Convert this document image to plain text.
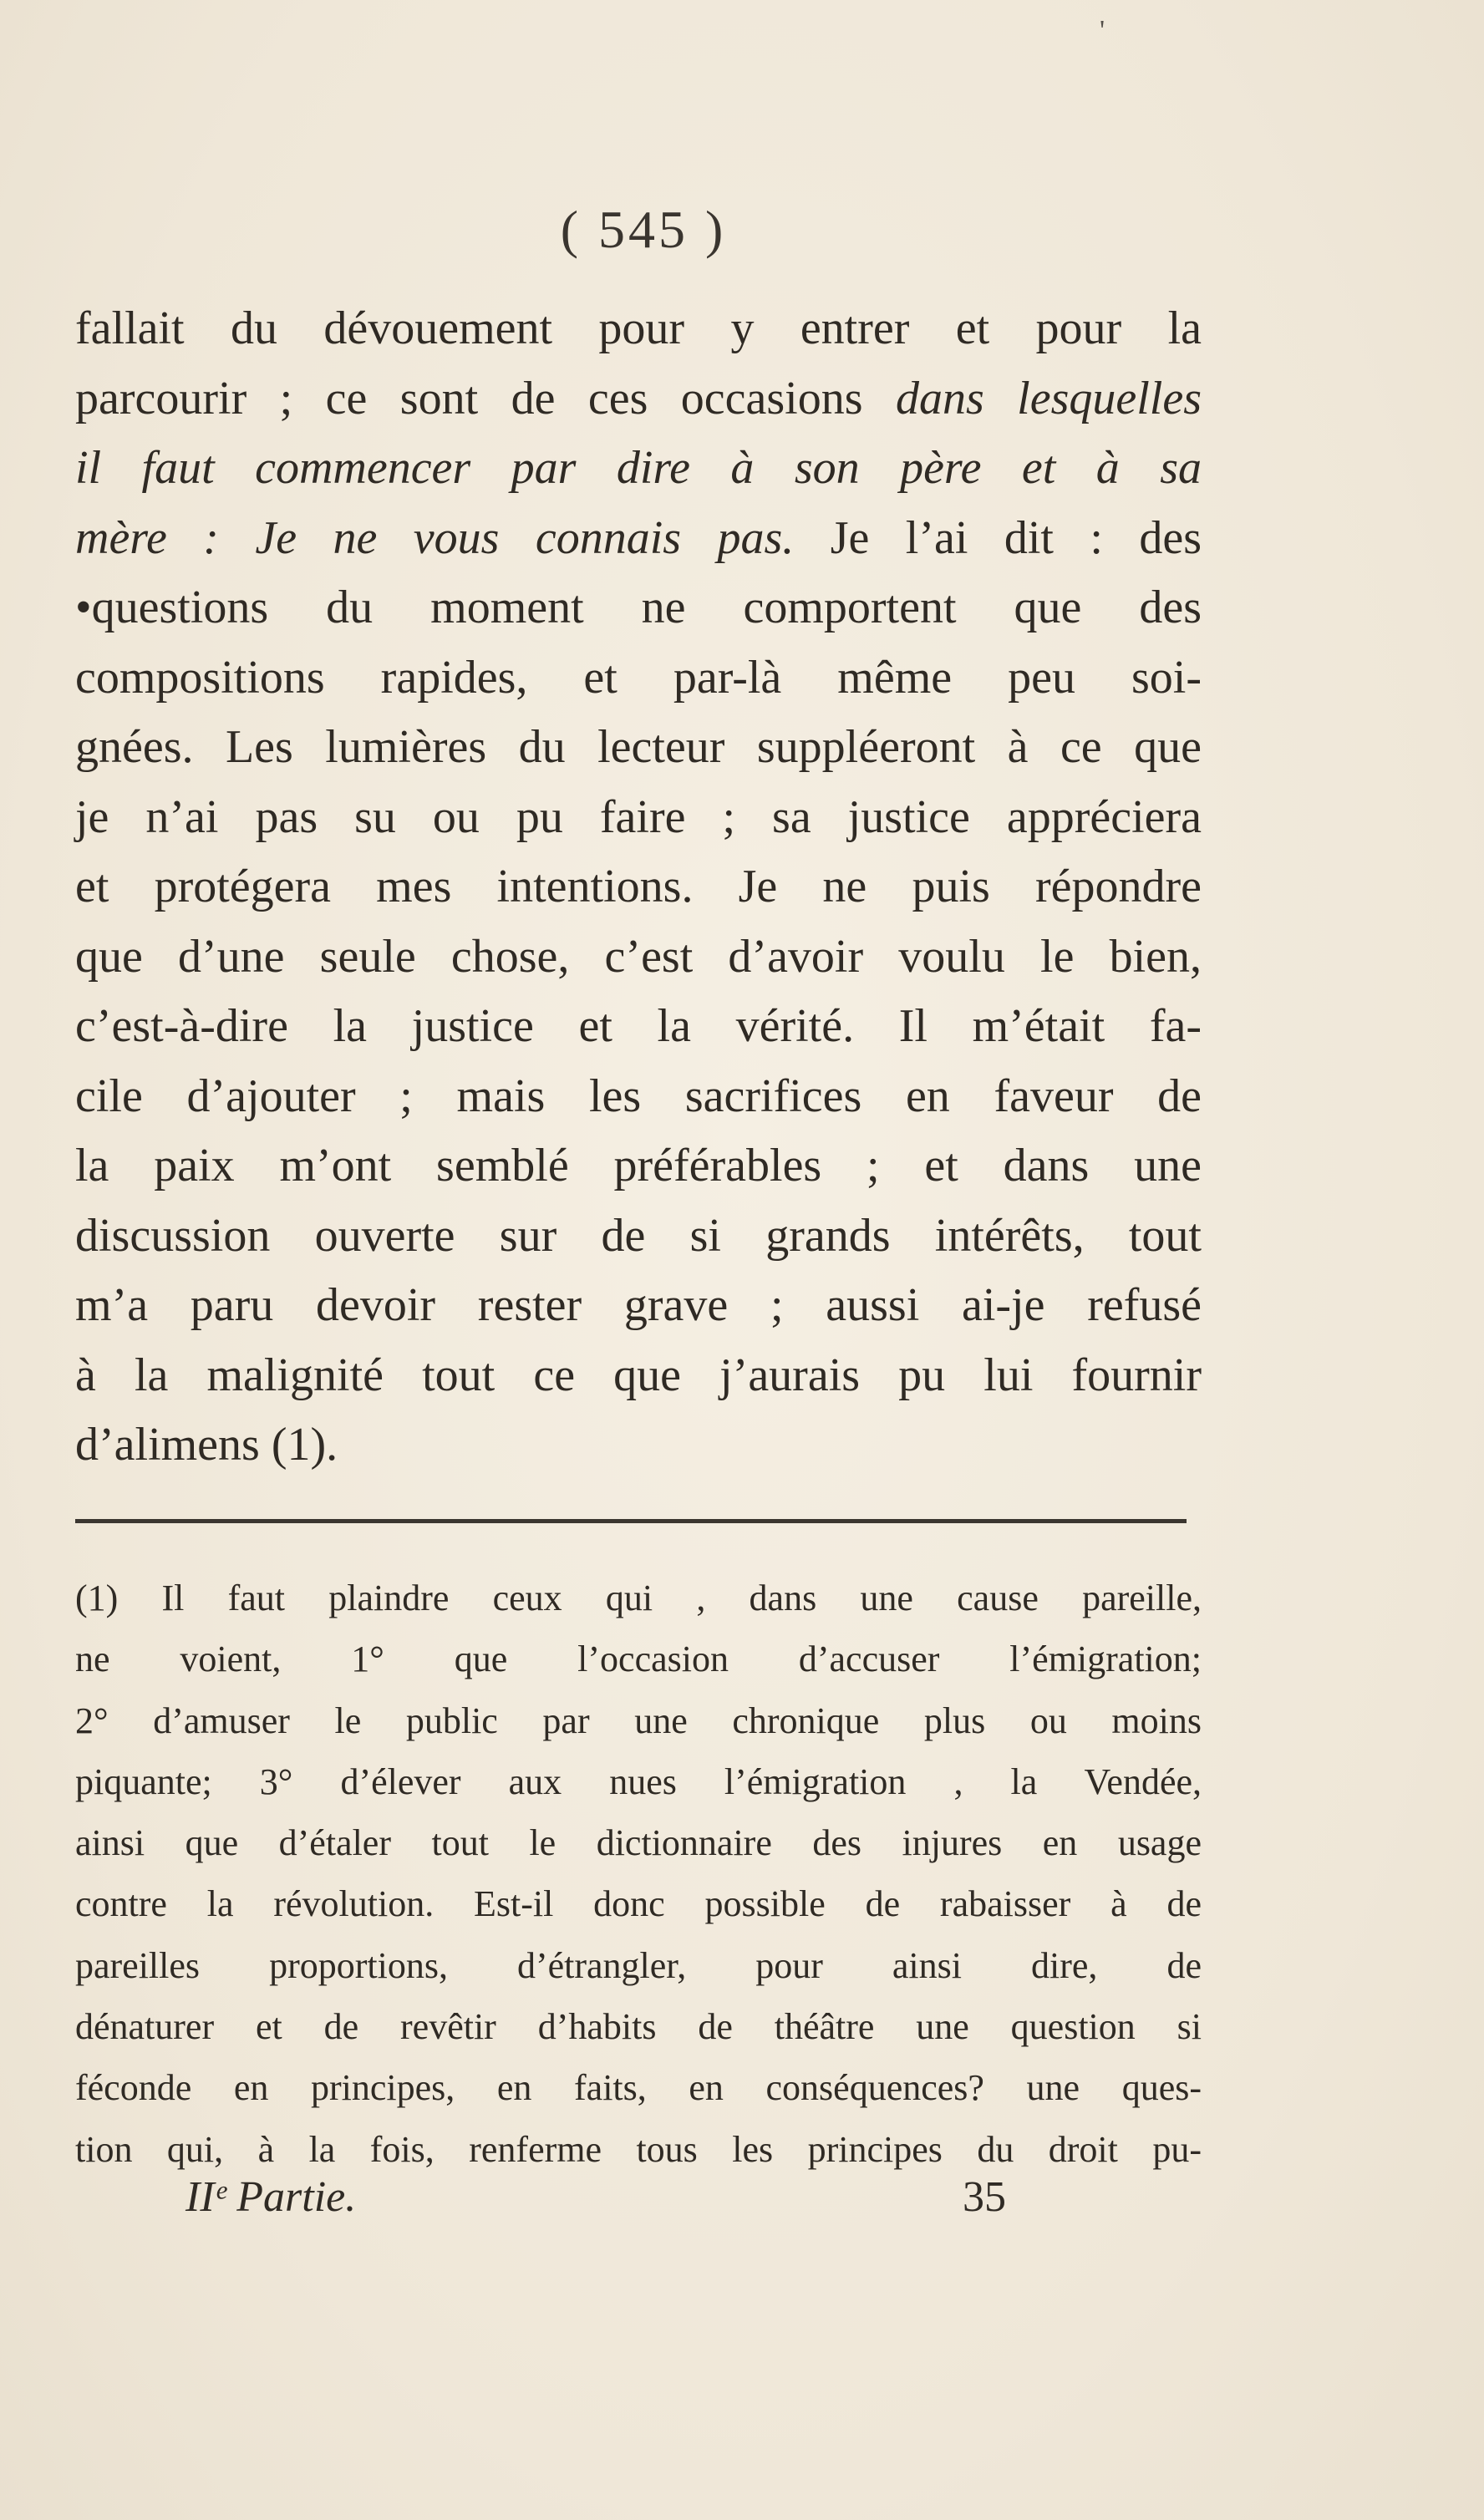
'
( 545 )
fallait du dévouement pour y entrer et pour la
parcourir ; ce sont de ces occasions dans lesquelles
il faut commencer par dire à son père et à sa
mère : Je ne vous connais pas. Je l’ai dit : des
•questions du moment ne comportent que des
compositions rapides, et par-là même peu soi-
gnées. Les lumières du lecteur suppléeront à ce que
je n’ai pas su ou pu faire ; sa justice appréciera
et protégera mes intentions. Je ne puis répondre
que d’une seule chose, c’est d’avoir voulu le bien,
c’est-à-dire la justice et la vérité. Il m’était fa-
cile d’ajouter ; mais les sacrifices en faveur de
la paix m’ont semblé préférables ; et dans une
discussion ouverte sur de si grands intérêts, tout
m’a paru devoir rester grave ; aussi ai-je refusé
à la malignité tout ce que j’aurais pu lui fournir
d’alimens (1).
(1) Il faut plaindre ceux qui , dans une cause pareille,
ne voient, 1° que l’occasion d’accuser l’émigration;
2° d’amuser le public par une chronique plus ou moins
piquante; 3° d’élever aux nues l’émigration , la Vendée,
ainsi que d’étaler tout le dictionnaire des injures en usage
contre la révolution. Est-il donc possible de rabaisser à de
pareilles proportions, d’étrangler, pour ainsi dire, de
dénaturer et de revêtir d’habits de théâtre une question si
féconde en principes, en faits, en conséquences? une ques-
tion qui, à la fois, renferme tous les principes du droit pu-
IIᵉ Partie.	35
